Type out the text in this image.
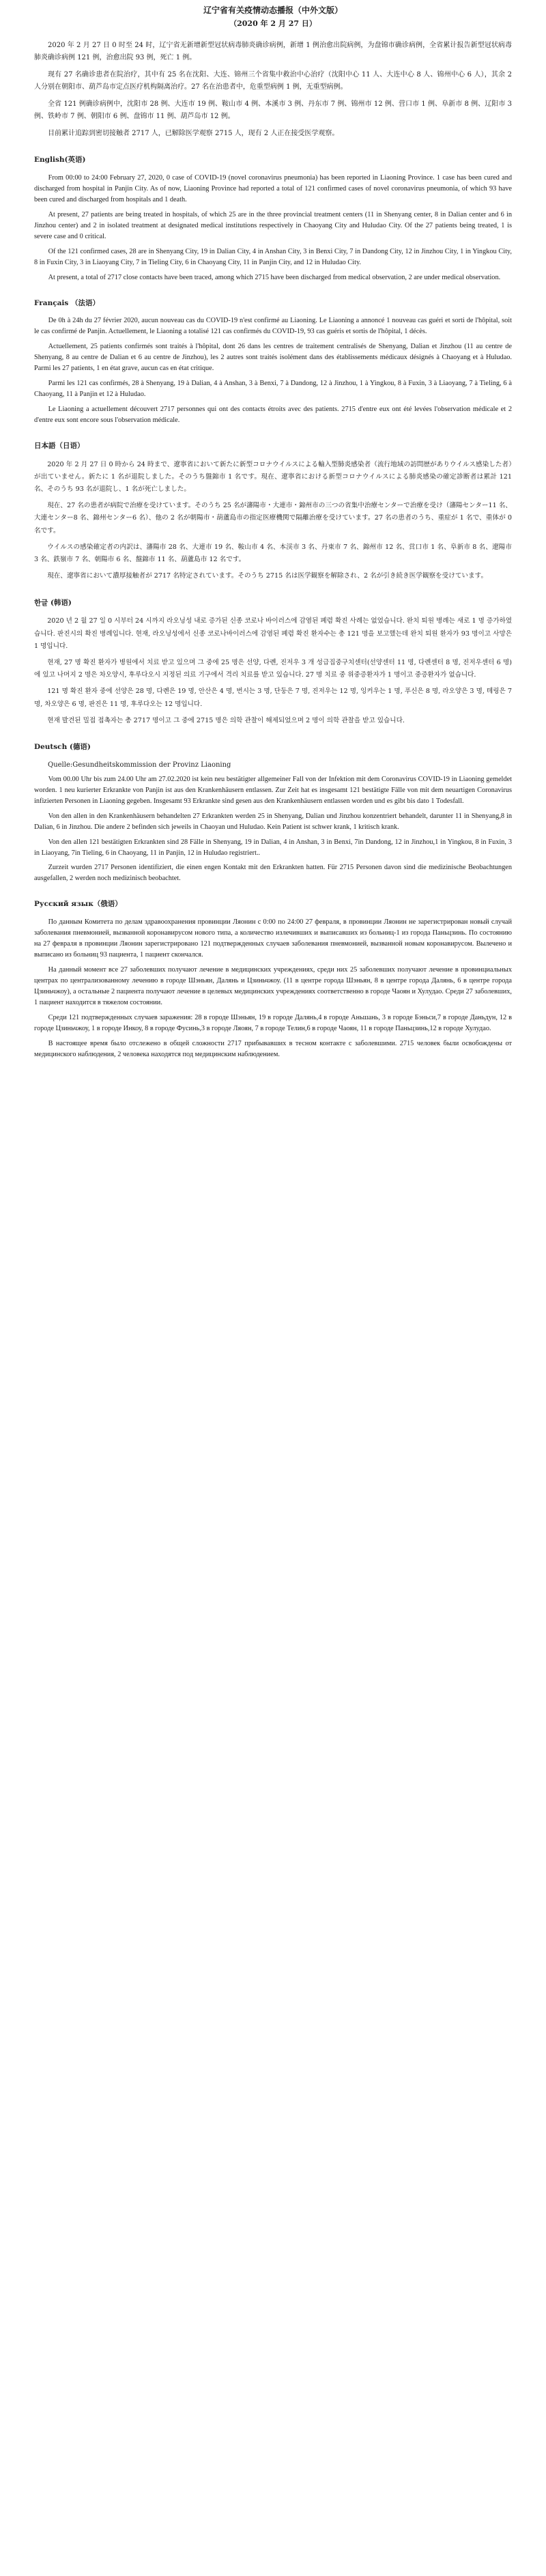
辽宁省有关疫情动态播报（中外文版）
（2020 年 2 月 27 日）

2020 年 2 月 27 日 0 时至 24 时，辽宁省无新增新型冠状病毒肺炎确诊病例，新增 1 例治愈出院病例，为盘锦市确诊病例，全省累计报告新型冠状病毒肺炎确诊病例 121 例，治愈出院 93 例，死亡 1 例。

现有 27 名确诊患者在院治疗，其中有 25 名在沈阳、大连、锦州三个省集中救治中心治疗（沈阳中心 11 人、大连中心 8 人、锦州中心 6 人），其余 2 人分别在朝阳市、葫芦岛市定点医疗机构隔离治疗。27 名在治患者中，危重型病例 1 例，无重型病例。

全省 121 例确诊病例中，沈阳市 28 例、大连市 19 例、鞍山市 4 例、本溪市 3 例、丹东市 7 例、锦州市 12 例、营口市 1 例、阜新市 8 例、辽阳市 3 例、铁岭市 7 例、朝阳市 6 例、盘锦市 11 例、葫芦岛市 12 例。

目前累计追踪到密切接触者 2717 人，已解除医学观察 2715 人，现有 2 人正在接受医学观察。

English(英语)

From 00:00 to 24:00 February 27, 2020, 0 case of COVID-19 (novel coronavirus pneumonia) has been reported in Liaoning Province. 1 case has been cured and discharged from hospital in Panjin City. As of now, Liaoning Province had reported a total of 121 confirmed cases of novel coronavirus pneumonia, of which 93 have been cured and discharged from hospitals and 1 death.

At present, 27 patients are being treated in hospitals, of which 25 are in the three provincial treatment centers (11 in Shenyang center, 8 in Dalian center and 6 in Jinzhou center) and 2 in isolated treatment at designated medical institutions respectively in Chaoyang City and Huludao City. Of the 27 patients being treated, 1 is severe case and 0 critical.

Of the 121 confirmed cases, 28 are in Shenyang City, 19 in Dalian City, 4 in Anshan City, 3 in Benxi City, 7 in Dandong City, 12 in Jinzhou City, 1 in Yingkou City, 8 in Fuxin City, 3 in Liaoyang City, 7 in Tieling City, 6 in Chaoyang City, 11 in Panjin City, and 12 in Huludao City.

At present, a total of 2717 close contacts have been traced, among which 2715 have been discharged from medical observation, 2 are under medical observation.

Français （法语）

De 0h à 24h du 27 février 2020, aucun nouveau cas du COVID-19 n'est confirmé au Liaoning. Le Liaoning a annoncé 1 nouveau cas guéri et sorti de l'hôpital, soit le cas confirmé de Panjin. Actuellement, le Liaoning a totalisé 121 cas confirmés du COVID-19, 93 cas guéris et sortis de l'hôpital, 1 décès.

Actuellement, 25 patients confirmés sont traités à l'hôpital, dont 26 dans les centres de traitement centralisés de Shenyang, Dalian et Jinzhou (11 au centre de Shenyang, 8 au centre de Dalian et 6 au centre de Jinzhou), les 2 autres sont traités isolément dans des établissements médicaux désignés à Chaoyang et à Huludao. Parmi les 27 patients, 1 en état grave, aucun cas en état critique.

Parmi les 121 cas confirmés, 28 à Shenyang, 19 à Dalian, 4 à Anshan, 3 à Benxi, 7 à Dandong, 12 à Jinzhou, 1 à Yingkou, 8 à Fuxin, 3 à Liaoyang, 7 à Tieling, 6 à Chaoyang, 11 à Panjin et 12 à Huludao.

Le Liaoning a actuellement découvert 2717 personnes qui ont des contacts étroits avec des patients. 2715 d'entre eux ont été levées l'observation médicale et 2 d'entre eux sont encore sous l'observation médicale.

日本語（日语）

2020 年 2 月 27 日 0 時から 24 時まで、遼寧省において新たに新型コロナウイルスによる輸入型肺炎感染者（流行地域の訪問歴がありウイルス感染した者）が出ていません。新たに 1 名が退院しました。そのうち盤錦市 1 名です。現在、遼寧省における新型コロナウイルスによる肺炎感染の確定診断者は累計 121 名、そのうち 93 名が退院し、1 名が死亡しました。

現在、27 名の患者が病院で治療を受けています。そのうち 25 名が瀋陽市・大連市・錦州市の三つの省集中治療センターで治療を受け（瀋陽センター11 名、大連センター8 名、錦州センター6 名）、他の 2 名が朝陽市・葫蘆島市の指定医療機関で隔離治療を受けています。27 名の患者のうち、重症が 1 名で、重体が 0 名です。

ウイルスの感染確定者の内訳は、瀋陽市 28 名、大連市 19 名、鞍山市 4 名、本渓市 3 名、丹東市 7 名、錦州市 12 名、営口市 1 名、阜新市 8 名、遼陽市 3 名、鉄嶺市 7 名、朝陽市 6 名、盤錦市 11 名、葫蘆島市 12 名です。

現在、遼寧省において濃厚接触者が 2717 名特定されています。そのうち 2715 名は医学観察を解除され、2 名が引き続き医学観察を受けています。

한글 (韩语)

2020 년 2 월 27 일 0 시부터 24 시까지 라오닝성 내로 증가된 신종 코로나 바이러스에 감염된 폐렴 확진 사례는 없었습니다. 완치 퇴원 병례는 새로 1 명 증가하였습니다. 판진시의 확진 병례입니다. 현재, 라오닝성에서 신종 코로나바이러스에 감염된 폐렴 확진 환자수는 총 121 명을 보고했는데 완치 퇴원 환자가 93 명이고 사망은 1 명입니다.

현재, 27 명 확진 환자가 병원에서 치료 받고 있으며 그 중에 25 명은 선양, 다롄, 진저우 3 개 성급집중구치센터(선양센터 11 명, 다롄센터 8 명, 진저우센터 6 명)에 있고 나머지 2 명은 차오양시, 후루다오시 지정된 의료 기구에서 격리 치료를 받고 있습니다. 27 명 치료 중 위중증환자가 1 명이고 중증환자가 없습니다.

121 명 확진 환자 중에 선양은 28 명, 다롄은 19 명, 안산은 4 명, 번시는 3 명, 단둥은 7 명, 진저우는 12 명, 잉커우는 1 명, 푸신은 8 명, 라오양은 3 명, 톄링은 7 명, 차오양은 6 명, 판진은 11 명, 후루다오는 12 명입니다.

현재 발견된 밀접 접촉자는 총 2717 명이고 그 중에 2715 명은 의학 관찰이 해제되었으며 2 명이 의학 관찰을 받고 있습니다.

Deutsch (德语)

Quelle:Gesundheitskommission der Provinz Liaoning

Vom 00.00 Uhr bis zum 24.00 Uhr am 27.02.2020 ist kein neu bestätigter allgemeiner Fall von der Infektion mit dem Coronavirus COVID-19 in Liaoning gemeldet worden. 1 neu kurierter Erkrankte von Panjin ist aus den Krankenhäusern entlassen. Zur Zeit hat es insgesamt 121 bestätigte Fälle von mit dem neuartigen Coronavirus infizierten Personen in Liaoning gegeben. Insgesamt 93 Erkrankte sind gesen aus den Krankenhäusern entlassen worden und es gibt bis dato 1 Todesfall.

Von den allen in den Krankenhäusern behandelten 27 Erkrankten werden 25 in Shenyang, Dalian und Jinzhou konzentriert behandelt, darunter 11 in Shenyang,8 in Dalian, 6 in Jinzhou. Die andere 2 befinden sich jeweils in Chaoyan und Huludao. Kein Patient ist schwer krank, 1 kritisch krank.

Von den allen 121 bestätigten Erkrankten sind 28 Fälle in Shenyang, 19 in Dalian, 4 in Anshan, 3 in Benxi, 7in Dandong, 12 in Jinzhou,1 in Yingkou, 8 in Fuxin, 3 in Liaoyang, 7in Tieling, 6 in Chaoyang, 11 in Panjin, 12 in Huludao registriert..

Zurzeit wurden 2717 Personen identifiziert, die einen engen Kontakt mit den Erkrankten hatten. Für 2715 Personen davon sind die medizinische Beobachtungen ausgefallen, 2 werden noch medizinisch beobachtet.

Русский язык（俄语）

По данным Комитета по делам здравоохранения провинции Ляонин с 0:00 по 24:00 27 февраля, в провинции Ляонин не зарегистрирован новый случай заболевания пневмонией, вызванной коронавирусом нового типа, а количество излечивших и выписавших из больниц-1 из города Паньцзинь. По состоянию на 27 февраля в провинции Ляонин зарегистрировано 121 подтвержденных случаев заболевания пневмонией, вызванной новым коронавирусом. Вылечено и выписано из больниц 93 пациента, 1 пациент скончался.

На данный момент все 27 заболевших получают лечение в медицинских учреждениях, среди них 25 заболевших получают лечение в провинциальных центрах по централизованному лечению в городе Шэньян, Далянь и Цзиньчжоу. (11 в центре города Шэньян, 8 в центре города Далянь, 6 в центре города Цзиньчжоу), а остальные 2 пациента получают лечение в целевых медицинских учреждениях соответственно в городе Чаоян и Хулудао. Среди 27 заболевших, 1 пациент находится в тяжелом состоянии.

Среди 121 подтвержденных случаев заражения: 28 в городе Шэньян, 19 в городе Далянь,4 в городе Аньшань, 3 в городе Бэньси,7 в городе Даньдун, 12 в городе Цзиньчжоу, 1 в городе Инкоу, 8 в городе Фусинь,3 в городе Ляоян, 7 в городе Телин,6 в городе Чаоян, 11 в городе Паньцзинь,12 в городе Хулудао.

В настоящее время было отслежено в общей сложности 2717 прибывавших в тесном контакте с заболевшими. 2715 человек были освобождены от медицинского наблюдения, 2 человека находятся под медицинским наблюдением.
